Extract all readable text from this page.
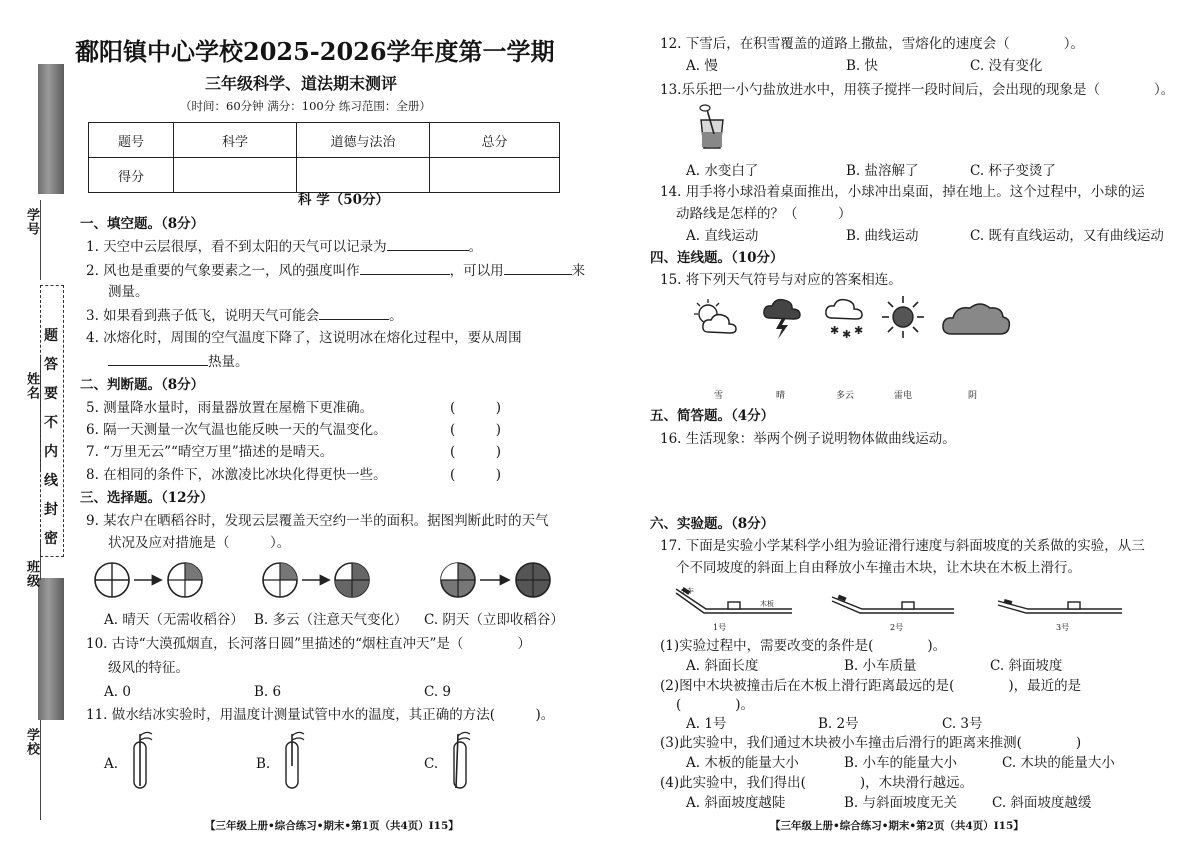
学号
姓名
班级
学校
题
答
要
不
内
线
封
密
鄱阳镇中心学校2025-2026学年度第一学期
三年级科学、道法期末测评
（时间：60分钟 满分：100分 练习范围：全册）
题号	科学	道德与法治	总分
得分			
科 学（50分）
一、填空题。（8分）
1. 天空中云层很厚，看不到太阳的天气可以记录为	。
2. 风也是重要的气象要素之一，风的强度叫作	，可以用	来
测量。
3. 如果看到燕子低飞，说明天气可能会	。
4. 冰熔化时，周围的空气温度下降了，这说明冰在熔化过程中，要从周围
热量。
二、判断题。（8分）
5. 测量降水量时，雨量器放置在屋檐下更准确。	(　　　)
6. 隔一天测量一次气温也能反映一天的气温变化。	(　　　)
7. “万里无云”“晴空万里”描述的是晴天。	(　　　)
8. 在相同的条件下，冰激凌比冰块化得更快一些。	(　　　)
三、选择题。（12分）
9. 某农户在晒稻谷时，发现云层覆盖天空约一半的面积。据图判断此时的天气
状况及应对措施是（　　　）。
A. 晴天（无需收稻谷） B. 多云（注意天气变化） C. 阴天（立即收稻谷）
10. 古诗“大漠孤烟直，长河落日圆”里描述的“烟柱直冲天”是（　　　　）
级风的特征。
A. 0	B. 6	C. 9
11. 做水结冰实验时，用温度计测量试管中水的温度，其正确的方法(　　　)。
A.	B.	C.
【三年级上册•综合练习•期末•第1页（共4页）I15】
12. 下雪后，在积雪覆盖的道路上撒盐，雪熔化的速度会（　　　　）。
A. 慢	B. 快	C. 没有变化
13.乐乐把一小勺盐放进水中，用筷子搅拌一段时间后，会出现的现象是（　　　　）。
A. 水变白了	B. 盐溶解了	C. 杯子变烫了
14. 用手将小球沿着桌面推出，小球冲出桌面，掉在地上。这个过程中，小球的运
动路线是怎样的？（　　　）
A. 直线运动	B. 曲线运动	C. 既有直线运动，又有曲线运动
四、连线题。（10分）
15. 将下列天气符号与对应的答案相连。
✱ ✱ ✱
雪	晴	多云	雷电	阴
五、简答题。（4分）
16. 生活现象：举两个例子说明物体做曲线运动。
六、实验题。（8分）
17. 下面是实验小学某科学小组为验证滑行速度与斜面坡度的关系做的实验，从三
个不同坡度的斜面上自由释放小车撞击木块，让木块在木板上滑行。
小车
木板
1号	2号	3号
(1)实验过程中，需要改变的条件是(　　　　)。
A. 斜面长度	B. 小车质量	C. 斜面坡度
(2)图中木块被撞击后在木板上滑行距离最远的是(　　　　)，最近的是
(　　　　)。
A. 1号	B. 2号	C. 3号
(3)此实验中，我们通过木块被小车撞击后滑行的距离来推测(　　　　)
A. 木板的能量大小	B. 小车的能量大小	C. 木块的能量大小
(4)此实验中，我们得出(　　　　)，木块滑行越远。
A. 斜面坡度越陡	B. 与斜面坡度无关	C. 斜面坡度越缓
【三年级上册•综合练习•期末•第2页（共4页）I15】
